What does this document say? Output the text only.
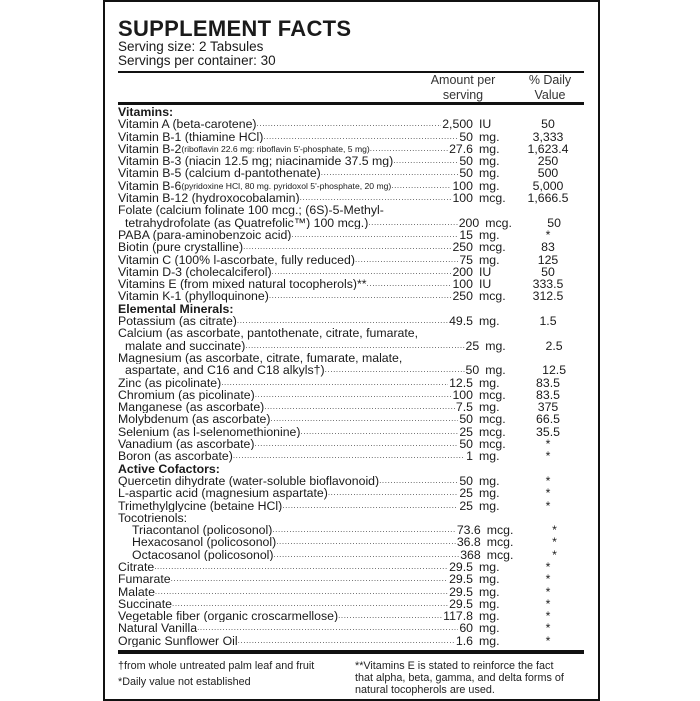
SUPPLEMENT FACTS
Serving size: 2 Tabsules
Servings per container: 30
Amount per
serving
% Daily
Value
Vitamins:
Vitamin A (beta-carotene) .....	2,500 IU	50
Vitamin B-1 (thiamine HCl) .....	50 mg.	3,333
Vitamin B-2 (riboflavin 22.6 mg: riboflavin 5'-phosphate, 5 mg) .....	27.6 mg.	1,623.4
Vitamin B-3 (niacin 12.5 mg; niacinamide 37.5 mg) .....	50 mg.	250
Vitamin B-5 (calcium d-pantothenate) .....	50 mg.	500
Vitamin B-6 (pyridoxine HCl, 80 mg. pyridoxol 5'-phosphate, 20 mg) .....	100 mg.	5,000
Vitamin B-12 (hydroxocobalamin) .....	100 mcg.	1,666.5
Folate (calcium folinate 100 mcg.; (6S)-5-Methyl-
tetrahydrofolate (as Quatrefolic™) 100 mcg.) .....	200 mcg.	50
PABA (para-aminobenzoic acid) .....	15 mg.	*
Biotin (pure crystalline) .....	250 mcg.	83
Vitamin C (100% l-ascorbate, fully reduced) .....	75 mg.	125
Vitamin D-3 (cholecalciferol) .....	200 IU	50
Vitamins E (from mixed natural tocopherols)** .....	100 IU	333.5
Vitamin K-1 (phylloquinone) .....	250 mcg.	312.5
Elemental Minerals:
Potassium (as citrate) .....	49.5 mg.	1.5
Calcium (as ascorbate, pantothenate, citrate, fumarate,
malate and succinate) .....	25 mg.	2.5
Magnesium (as ascorbate, citrate, fumarate, malate,
aspartate, and C16 and C18 alkyls†) .....	50 mg.	12.5
Zinc (as picolinate) .....	12.5 mg.	83.5
Chromium (as picolinate) .....	100 mcg.	83.5
Manganese (as ascorbate) .....	7.5 mg.	375
Molybdenum (as ascorbate) .....	50 mcg.	66.5
Selenium (as l-selenomethionine) .....	25 mcg.	35.5
Vanadium (as ascorbate) .....	50 mcg.	*
Boron (as ascorbate) .....	1 mg.	*
Active Cofactors:
Quercetin dihydrate (water-soluble bioflavonoid) .....	50 mg.	*
L-aspartic acid (magnesium aspartate) .....	25 mg.	*
Trimethylglycine (betaine HCl) .....	25 mg.	*
Tocotrienols:
Triacontanol (policosonol) .....	73.6 mcg.	*
Hexacosanol (policosonol) .....	36.8 mcg.	*
Octacosanol (policosonol) .....	368 mcg.	*
Citrate .....	29.5 mg.	*
Fumarate .....	29.5 mg.	*
Malate .....	29.5 mg.	*
Succinate .....	29.5 mg.	*
Vegetable fiber (organic croscarmellose) .....	117.8 mg.	*
Natural Vanilla .....	60 mg.	*
Organic Sunflower Oil .....	1.6 mg.	*
†from whole untreated palm leaf and fruit
*Daily value not established
**Vitamins E is stated to reinforce the fact
that alpha, beta, gamma, and delta forms of
natural tocopherols are used.
